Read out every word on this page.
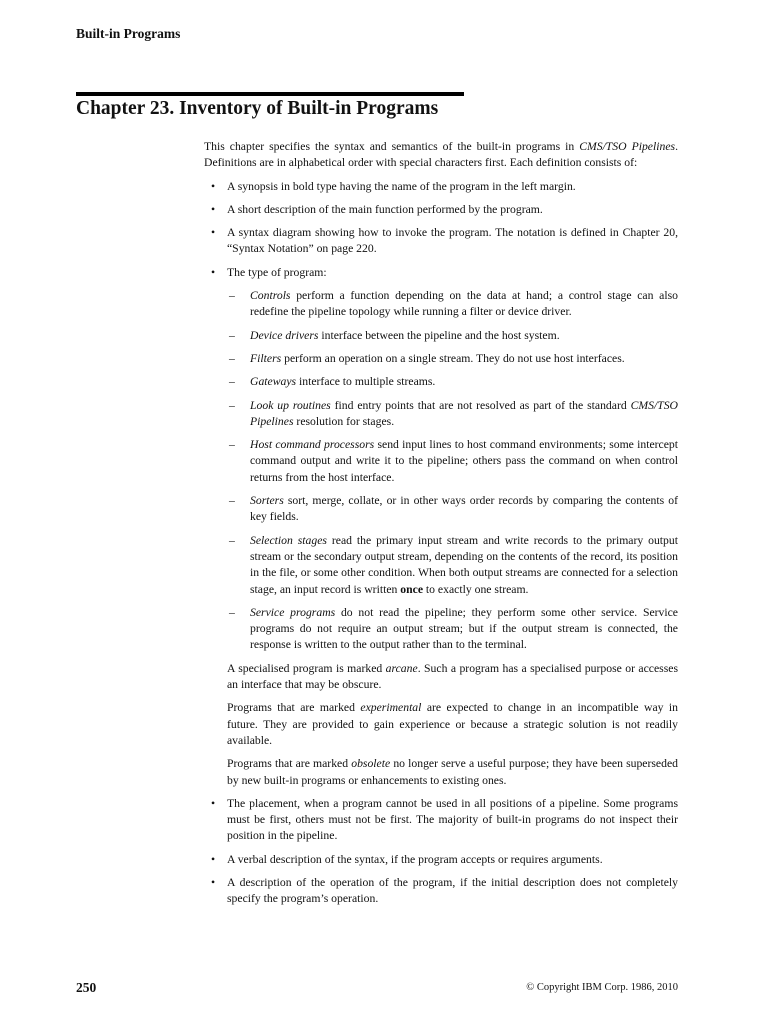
Built-in Programs
Chapter 23. Inventory of Built-in Programs

This chapter specifies the syntax and semantics of the built-in programs in CMS/TSO Pipelines. Definitions are in alphabetical order with special characters first. Each definition consists of:

• A synopsis in bold type having the name of the program in the left margin.
• A short description of the main function performed by the program.
• A syntax diagram showing how to invoke the program. The notation is defined in Chapter 20, “Syntax Notation” on page 220.
• The type of program:
– Controls perform a function depending on the data at hand; a control stage can also redefine the pipeline topology while running a filter or device driver.
– Device drivers interface between the pipeline and the host system.
– Filters perform an operation on a single stream. They do not use host interfaces.
– Gateways interface to multiple streams.
– Look up routines find entry points that are not resolved as part of the standard CMS/TSO Pipelines resolution for stages.
– Host command processors send input lines to host command environments; some intercept command output and write it to the pipeline; others pass the command on when control returns from the host interface.
– Sorters sort, merge, collate, or in other ways order records by comparing the contents of key fields.
– Selection stages read the primary input stream and write records to the primary output stream or the secondary output stream, depending on the contents of the record, its position in the file, or some other condition. When both output streams are connected for a selection stage, an input record is written once to exactly one stream.
– Service programs do not read the pipeline; they perform some other service. Service programs do not require an output stream; but if the output stream is connected, the response is written to the output rather than to the terminal.

A specialised program is marked arcane. Such a program has a specialised purpose or accesses an interface that may be obscure.

Programs that are marked experimental are expected to change in an incompatible way in future. They are provided to gain experience or because a strategic solution is not readily available.

Programs that are marked obsolete no longer serve a useful purpose; they have been superseded by new built-in programs or enhancements to existing ones.

• The placement, when a program cannot be used in all positions of a pipeline. Some programs must be first, others must not be first. The majority of built-in programs do not inspect their position in the pipeline.
• A verbal description of the syntax, if the program accepts or requires arguments.
• A description of the operation of the program, if the initial description does not completely specify the program’s operation.
250	© Copyright IBM Corp. 1986, 2010
